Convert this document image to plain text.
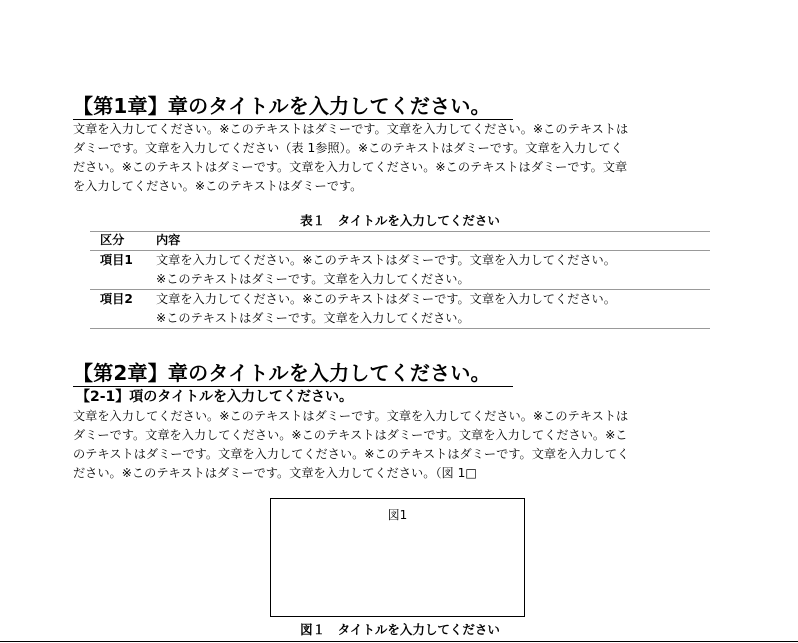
【第1章】章のタイトルを入力してください。
文章を入力してください。※このテキストはダミーです。文章を入力してください。※このテキストは
ダミーです。文章を入力してください（表 1参照）。※このテキストはダミーです。文章を入力してく
ださい。※このテキストはダミーです。文章を入力してください。※このテキストはダミーです。文章
を入力してください。※このテキストはダミーです。
表１　タイトルを入力してください
区分	内容
項目1 文章を入力してください。※このテキストはダミーです。文章を入力してください。
※このテキストはダミーです。文章を入力してください。
項目2 文章を入力してください。※このテキストはダミーです。文章を入力してください。
※このテキストはダミーです。文章を入力してください。
【第2章】章のタイトルを入力してください。
【2-1】項のタイトルを入力してください。
文章を入力してください。※このテキストはダミーです。文章を入力してください。※このテキストは
ダミーです。文章を入力してください。※このテキストはダミーです。文章を入力してください。※こ
のテキストはダミーです。文章を入力してください。※このテキストはダミーです。文章を入力してく
ださい。※このテキストはダミーです。文章を入力してください。（図 1□
図1
図１　タイトルを入力してください
